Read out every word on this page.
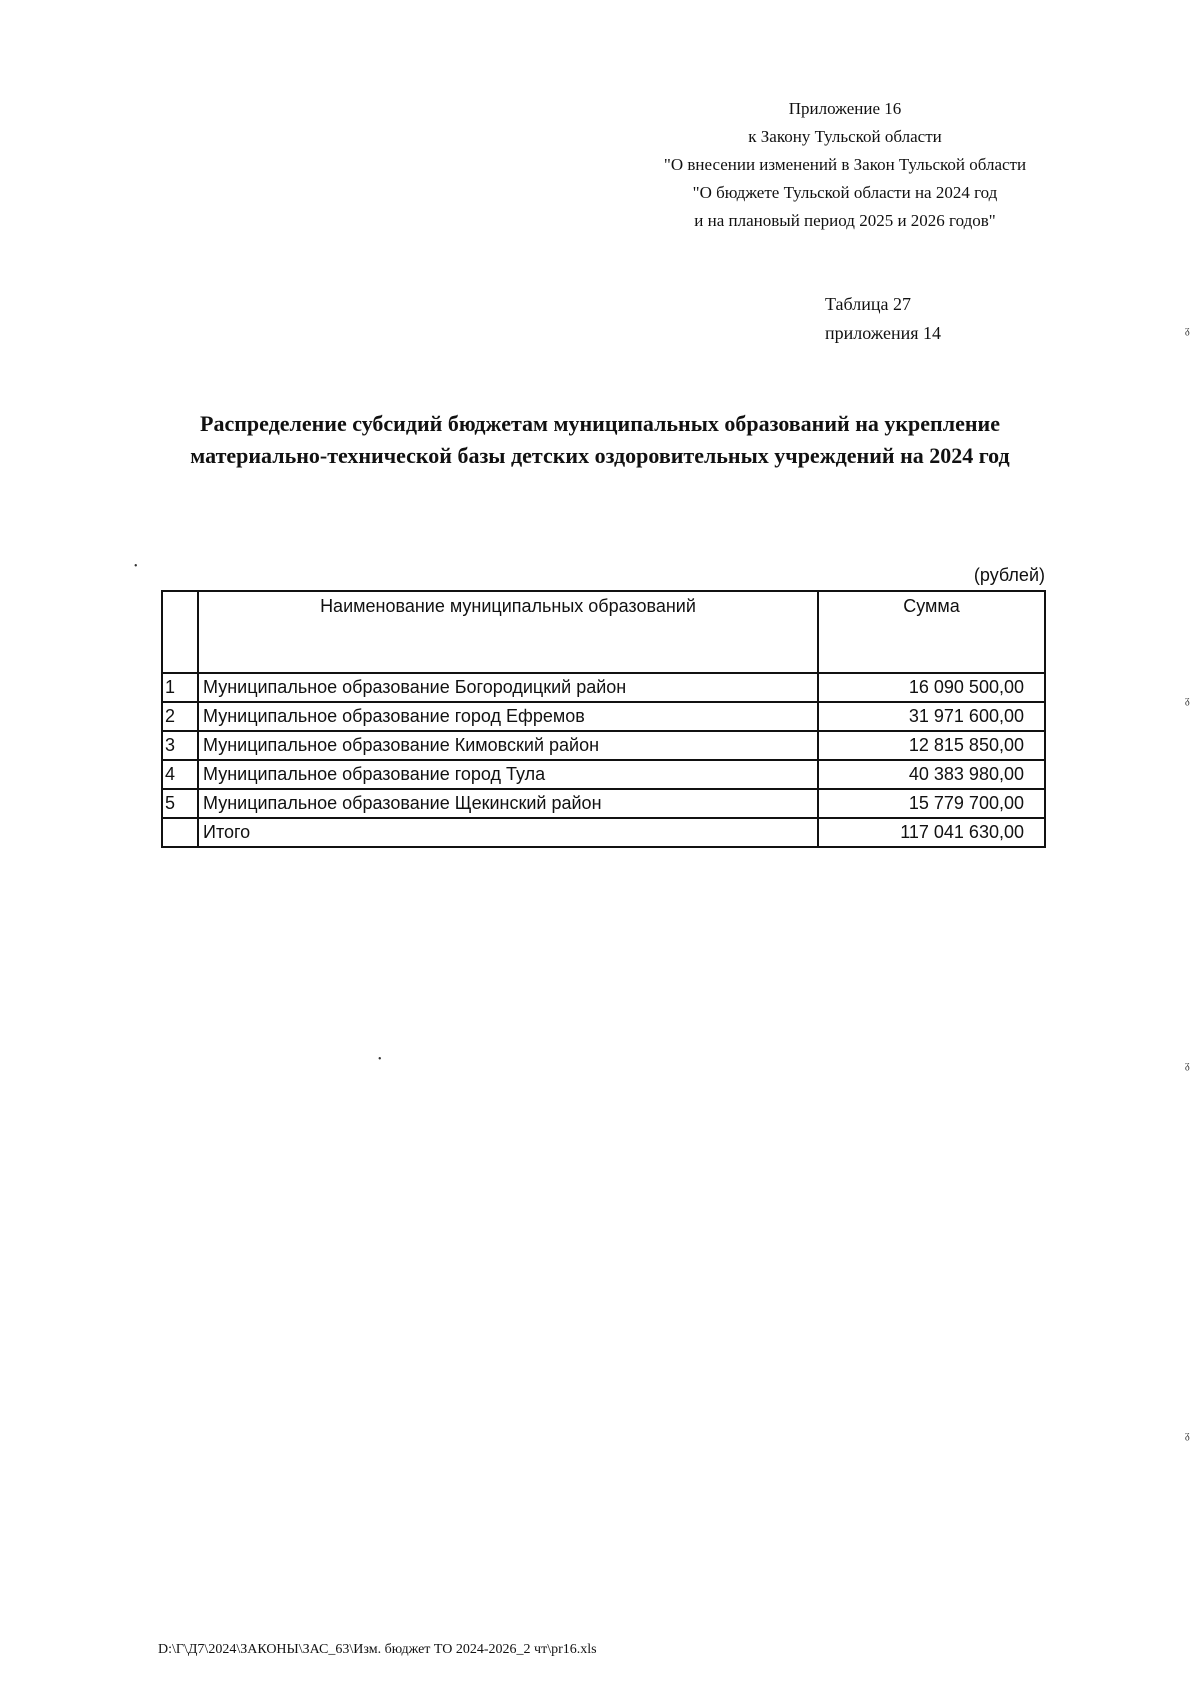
Приложение 16
к Закону Тульской области
"О внесении изменений в Закон Тульской области
"О бюджете Тульской области на 2024 год
и на плановый период 2025 и 2026 годов"
Таблица 27
приложения 14
Распределение субсидий бюджетам муниципальных образований на укрепление материально-технической базы детских оздоровительных учреждений на 2024 год
(рублей)
	Наименование муниципальных образований	Сумма
1	Муниципальное образование Богородицкий район	16 090 500,00
2	Муниципальное образование город Ефремов	31 971 600,00
3	Муниципальное образование Кимовский район	12 815 850,00
4	Муниципальное образование город Тула	40 383 980,00
5	Муниципальное образование Щекинский район	15 779 700,00
	Итого	117 041 630,00
ᵹ
ᵹ
ᵹ
ᵹ
•
•
D:\Г\Д7\2024\ЗАКОНЫ\ЗАС_63\Изм. бюджет ТО 2024-2026_2 чт\pr16.xls
